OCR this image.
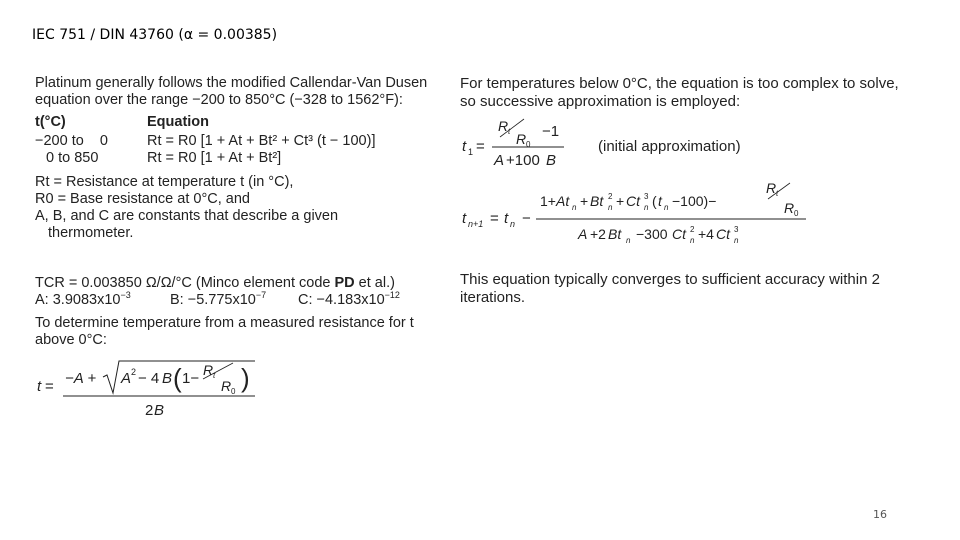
IEC 751 / DIN 43760 (α = 0.00385)

Platinum generally follows the modified Callendar-Van Dusen equation over the range −200 to 850°C (−328 to 1562°F):

t(°C)	Equation
−200 to    0	Rt = R0 [1 + At + Bt² + Ct³ (t − 100)]
0 to 850	Rt = R0 [1 + At + Bt²]

Rt = Resistance at temperature t (in °C),

R0 = Base resistance at 0°C, and

A, B, and C are constants that describe a given thermometer.

TCR = 0.003850 Ω/Ω/°C (Minco element code PD et al.)

A: $3.9083x10^{-3}$	B: $-5.775x10^{-7}$	C: $-4.183x10^{-12}$

To determine temperature from a measured resistance for t above 0°C:

t = −A + A 2 − 4 B ( 1− R t
R 0 )
2 B

For temperatures below 0°C, the equation is too complex to solve, so successive approximation is employed:

t 1 =
R t R 0
−1
A +100 B
(initial approximation)
t n+1 = t n −
1+ At n + Bt 2
n + Ct 3
n ( t n −100)−
R t
R 0
A +2 Bt n −300 Ct 2
n +4 Ct 3
n

This equation typically converges to sufficient accuracy within 2 iterations.

16
